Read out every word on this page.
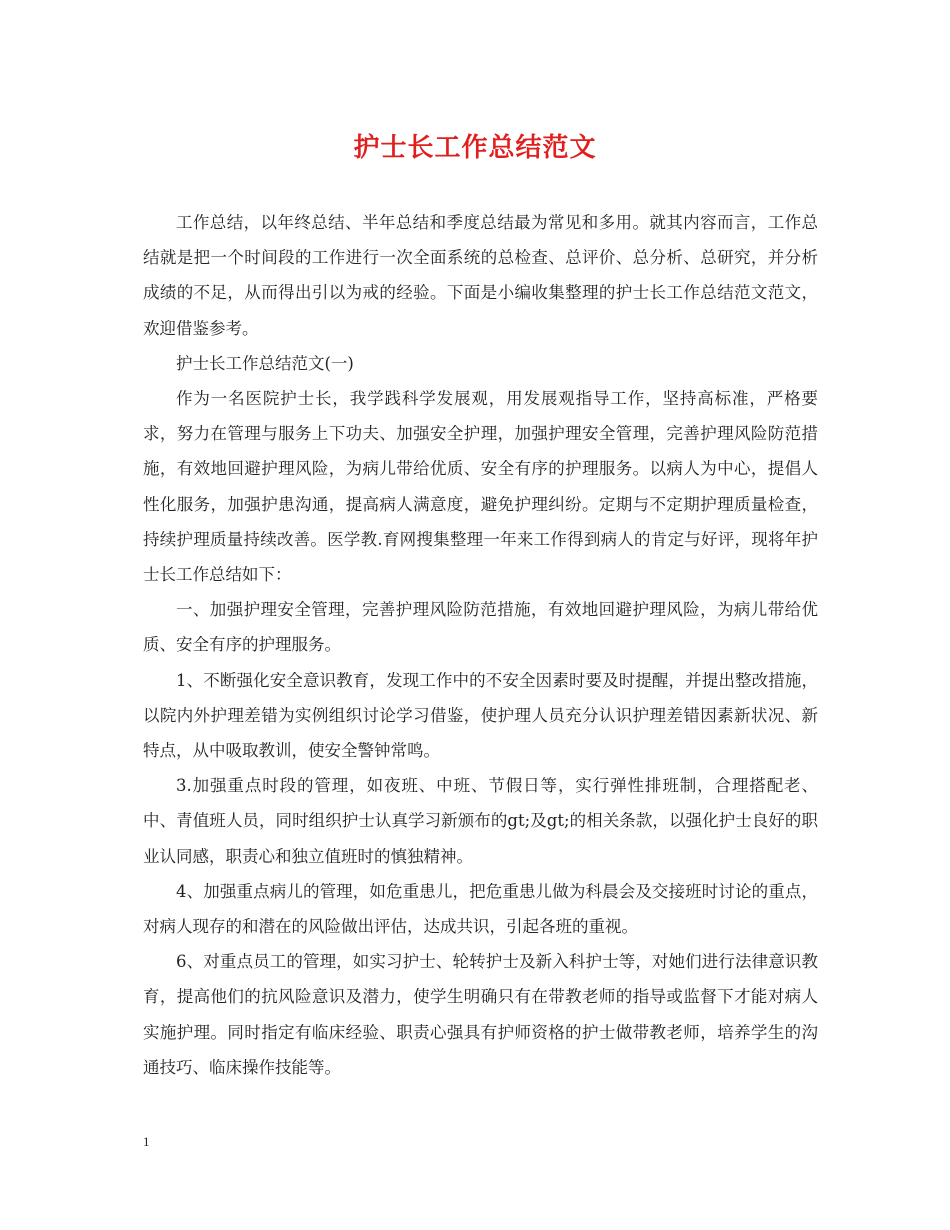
护士长工作总结范文

工作总结，以年终总结、半年总结和季度总结最为常见和多用。就其内容而言，工作总结就是把一个时间段的工作进行一次全面系统的总检查、总评价、总分析、总研究，并分析成绩的不足，从而得出引以为戒的经验。下面是小编收集整理的护士长工作总结范文范文，欢迎借鉴参考。

护士长工作总结范文(一)

作为一名医院护士长，我学践科学发展观，用发展观指导工作，坚持高标准，严格要求，努力在管理与服务上下功夫、加强安全护理，加强护理安全管理，完善护理风险防范措施，有效地回避护理风险，为病儿带给优质、安全有序的护理服务。以病人为中心，提倡人性化服务，加强护患沟通，提高病人满意度，避免护理纠纷。定期与不定期护理质量检查，持续护理质量持续改善。医学教.育网搜集整理一年来工作得到病人的肯定与好评，现将年护士长工作总结如下：

一、加强护理安全管理，完善护理风险防范措施，有效地回避护理风险，为病儿带给优质、安全有序的护理服务。

1、不断强化安全意识教育，发现工作中的不安全因素时要及时提醒，并提出整改措施，以院内外护理差错为实例组织讨论学习借鉴，使护理人员充分认识护理差错因素新状况、新特点，从中吸取教训，使安全警钟常鸣。

3.加强重点时段的管理，如夜班、中班、节假日等，实行弹性排班制，合理搭配老、中、青值班人员，同时组织护士认真学习新颁布的gt;及gt;的相关条款，以强化护士良好的职业认同感，职责心和独立值班时的慎独精神。

4、加强重点病儿的管理，如危重患儿，把危重患儿做为科晨会及交接班时讨论的重点，对病人现存的和潜在的风险做出评估，达成共识，引起各班的重视。

6、对重点员工的管理，如实习护士、轮转护士及新入科护士等，对她们进行法律意识教育，提高他们的抗风险意识及潜力，使学生明确只有在带教老师的指导或监督下才能对病人实施护理。同时指定有临床经验、职责心强具有护师资格的护士做带教老师，培养学生的沟通技巧、临床操作技能等。

1
